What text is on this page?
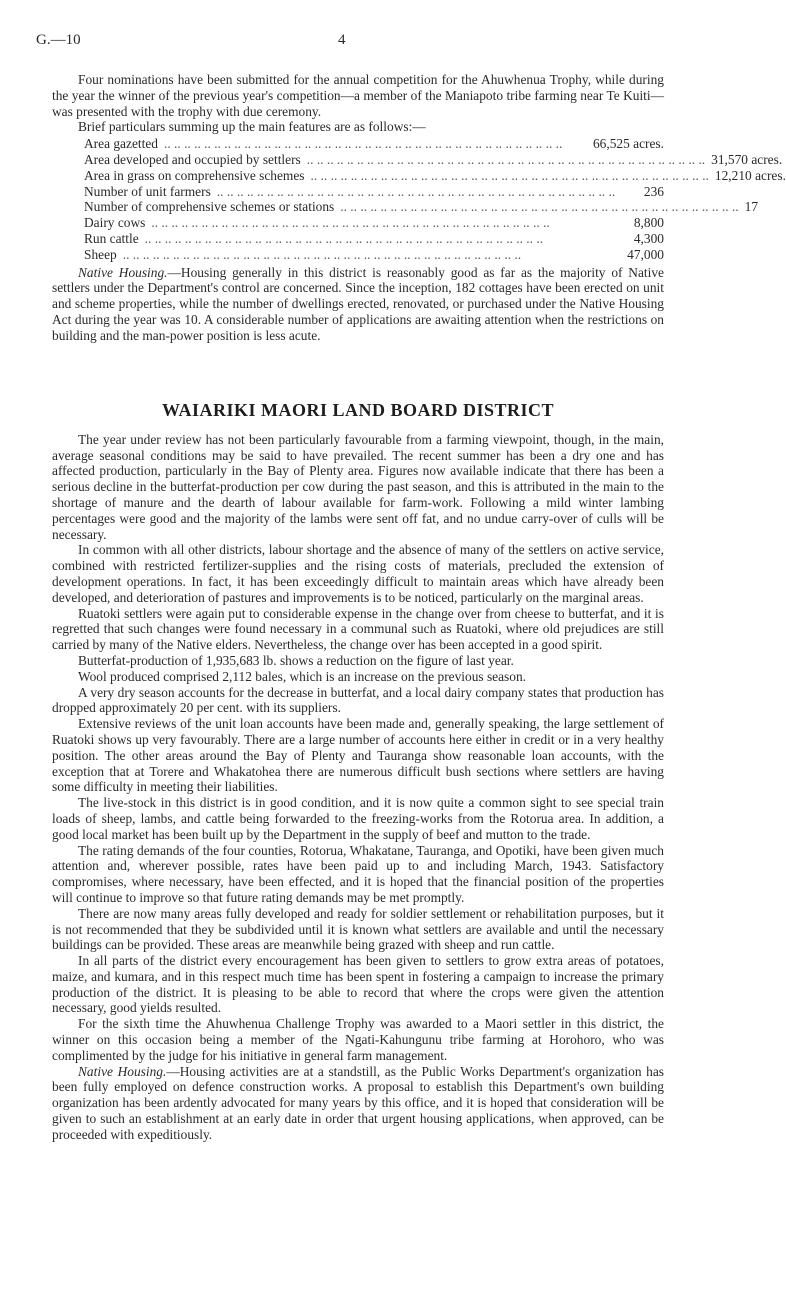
G.—10	4

Four nominations have been submitted for the annual competition for the Ahuwhenua Trophy, while during the year the winner of the previous year's competition—a member of the Maniapoto tribe farming near Te Kuiti—was presented with the trophy with due ceremony.

Brief particulars summing up the main features are as follows:—

Area gazetted .. .. .. .. .. .. .. .. .. .. .. .. .. .. .. .. .. .. .. .. .. .. .. .. .. .. .. .. .. .. .. .. .. .. .. .. .. .. .. ..	66,525 acres.
Area developed and occupied by settlers .. .. .. .. .. .. .. .. .. .. .. .. .. .. .. .. .. .. .. .. .. .. .. .. .. .. .. .. .. .. .. .. .. .. .. .. .. .. .. .. 31,570 acres.
Area in grass on comprehensive schemes .. .. .. .. .. .. .. .. .. .. .. .. .. .. .. .. .. .. .. .. .. .. .. .. .. .. .. .. .. .. .. .. .. .. .. .. .. .. .. .. 12,210 acres.
Number of unit farmers .. .. .. .. .. .. .. .. .. .. .. .. .. .. .. .. .. .. .. .. .. .. .. .. .. .. .. .. .. .. .. .. .. .. .. .. .. .. .. ..	236
Number of comprehensive schemes or stations .. .. .. .. .. .. .. .. .. .. .. .. .. .. .. .. .. .. .. .. .. .. .. .. .. .. .. .. .. .. .. .. .. .. .. .. .. .. .. .. 17
Dairy cows .. .. .. .. .. .. .. .. .. .. .. .. .. .. .. .. .. .. .. .. .. .. .. .. .. .. .. .. .. .. .. .. .. .. .. .. .. .. .. ..	8,800
Run cattle .. .. .. .. .. .. .. .. .. .. .. .. .. .. .. .. .. .. .. .. .. .. .. .. .. .. .. .. .. .. .. .. .. .. .. .. .. .. .. ..	4,300
Sheep .. .. .. .. .. .. .. .. .. .. .. .. .. .. .. .. .. .. .. .. .. .. .. .. .. .. .. .. .. .. .. .. .. .. .. .. .. .. .. ..	47,000

Native Housing.—Housing generally in this district is reasonably good as far as the majority of Native settlers under the Department's control are concerned. Since the inception, 182 cottages have been erected on unit and scheme properties, while the number of dwellings erected, renovated, or purchased under the Native Housing Act during the year was 10. A considerable number of applications are awaiting attention when the restrictions on building and the man-power position is less acute.

WAIARIKI MAORI LAND BOARD DISTRICT

The year under review has not been particularly favourable from a farming viewpoint, though, in the main, average seasonal conditions may be said to have prevailed. The recent summer has been a dry one and has affected production, particularly in the Bay of Plenty area. Figures now available indicate that there has been a serious decline in the butterfat-production per cow during the past season, and this is attributed in the main to the shortage of manure and the dearth of labour available for farm-work. Following a mild winter lambing percentages were good and the majority of the lambs were sent off fat, and no undue carry-over of culls will be necessary.

In common with all other districts, labour shortage and the absence of many of the settlers on active service, combined with restricted fertilizer-supplies and the rising costs of materials, precluded the extension of development operations. In fact, it has been exceedingly difficult to maintain areas which have already been developed, and deterioration of pastures and improvements is to be noticed, particularly on the marginal areas.

Ruatoki settlers were again put to considerable expense in the change over from cheese to butterfat, and it is regretted that such changes were found necessary in a communal such as Ruatoki, where old prejudices are still carried by many of the Native elders. Nevertheless, the change over has been accepted in a good spirit.

Butterfat-production of 1,935,683 lb. shows a reduction on the figure of last year.

Wool produced comprised 2,112 bales, which is an increase on the previous season.

A very dry season accounts for the decrease in butterfat, and a local dairy company states that production has dropped approximately 20 per cent. with its suppliers.

Extensive reviews of the unit loan accounts have been made and, generally speaking, the large settlement of Ruatoki shows up very favourably. There are a large number of accounts here either in credit or in a very healthy position. The other areas around the Bay of Plenty and Tauranga show reasonable loan accounts, with the exception that at Torere and Whakatohea there are numerous difficult bush sections where settlers are having some difficulty in meeting their liabilities.

The live-stock in this district is in good condition, and it is now quite a common sight to see special train loads of sheep, lambs, and cattle being forwarded to the freezing-works from the Rotorua area. In addition, a good local market has been built up by the Department in the supply of beef and mutton to the trade.

The rating demands of the four counties, Rotorua, Whakatane, Tauranga, and Opotiki, have been given much attention and, wherever possible, rates have been paid up to and including March, 1943. Satisfactory compromises, where necessary, have been effected, and it is hoped that the financial position of the properties will continue to improve so that future rating demands may be met promptly.

There are now many areas fully developed and ready for soldier settlement or rehabilitation purposes, but it is not recommended that they be subdivided until it is known what settlers are available and until the necessary buildings can be provided. These areas are meanwhile being grazed with sheep and run cattle.

In all parts of the district every encouragement has been given to settlers to grow extra areas of potatoes, maize, and kumara, and in this respect much time has been spent in fostering a campaign to increase the primary production of the district. It is pleasing to be able to record that where the crops were given the attention necessary, good yields resulted.

For the sixth time the Ahuwhenua Challenge Trophy was awarded to a Maori settler in this district, the winner on this occasion being a member of the Ngati-Kahungunu tribe farming at Horohoro, who was complimented by the judge for his initiative in general farm management.

Native Housing.—Housing activities are at a standstill, as the Public Works Department's organization has been fully employed on defence construction works. A proposal to establish this Department's own building organization has been ardently advocated for many years by this office, and it is hoped that consideration will be given to such an establishment at an early date in order that urgent housing applications, when approved, can be proceeded with expeditiously.
